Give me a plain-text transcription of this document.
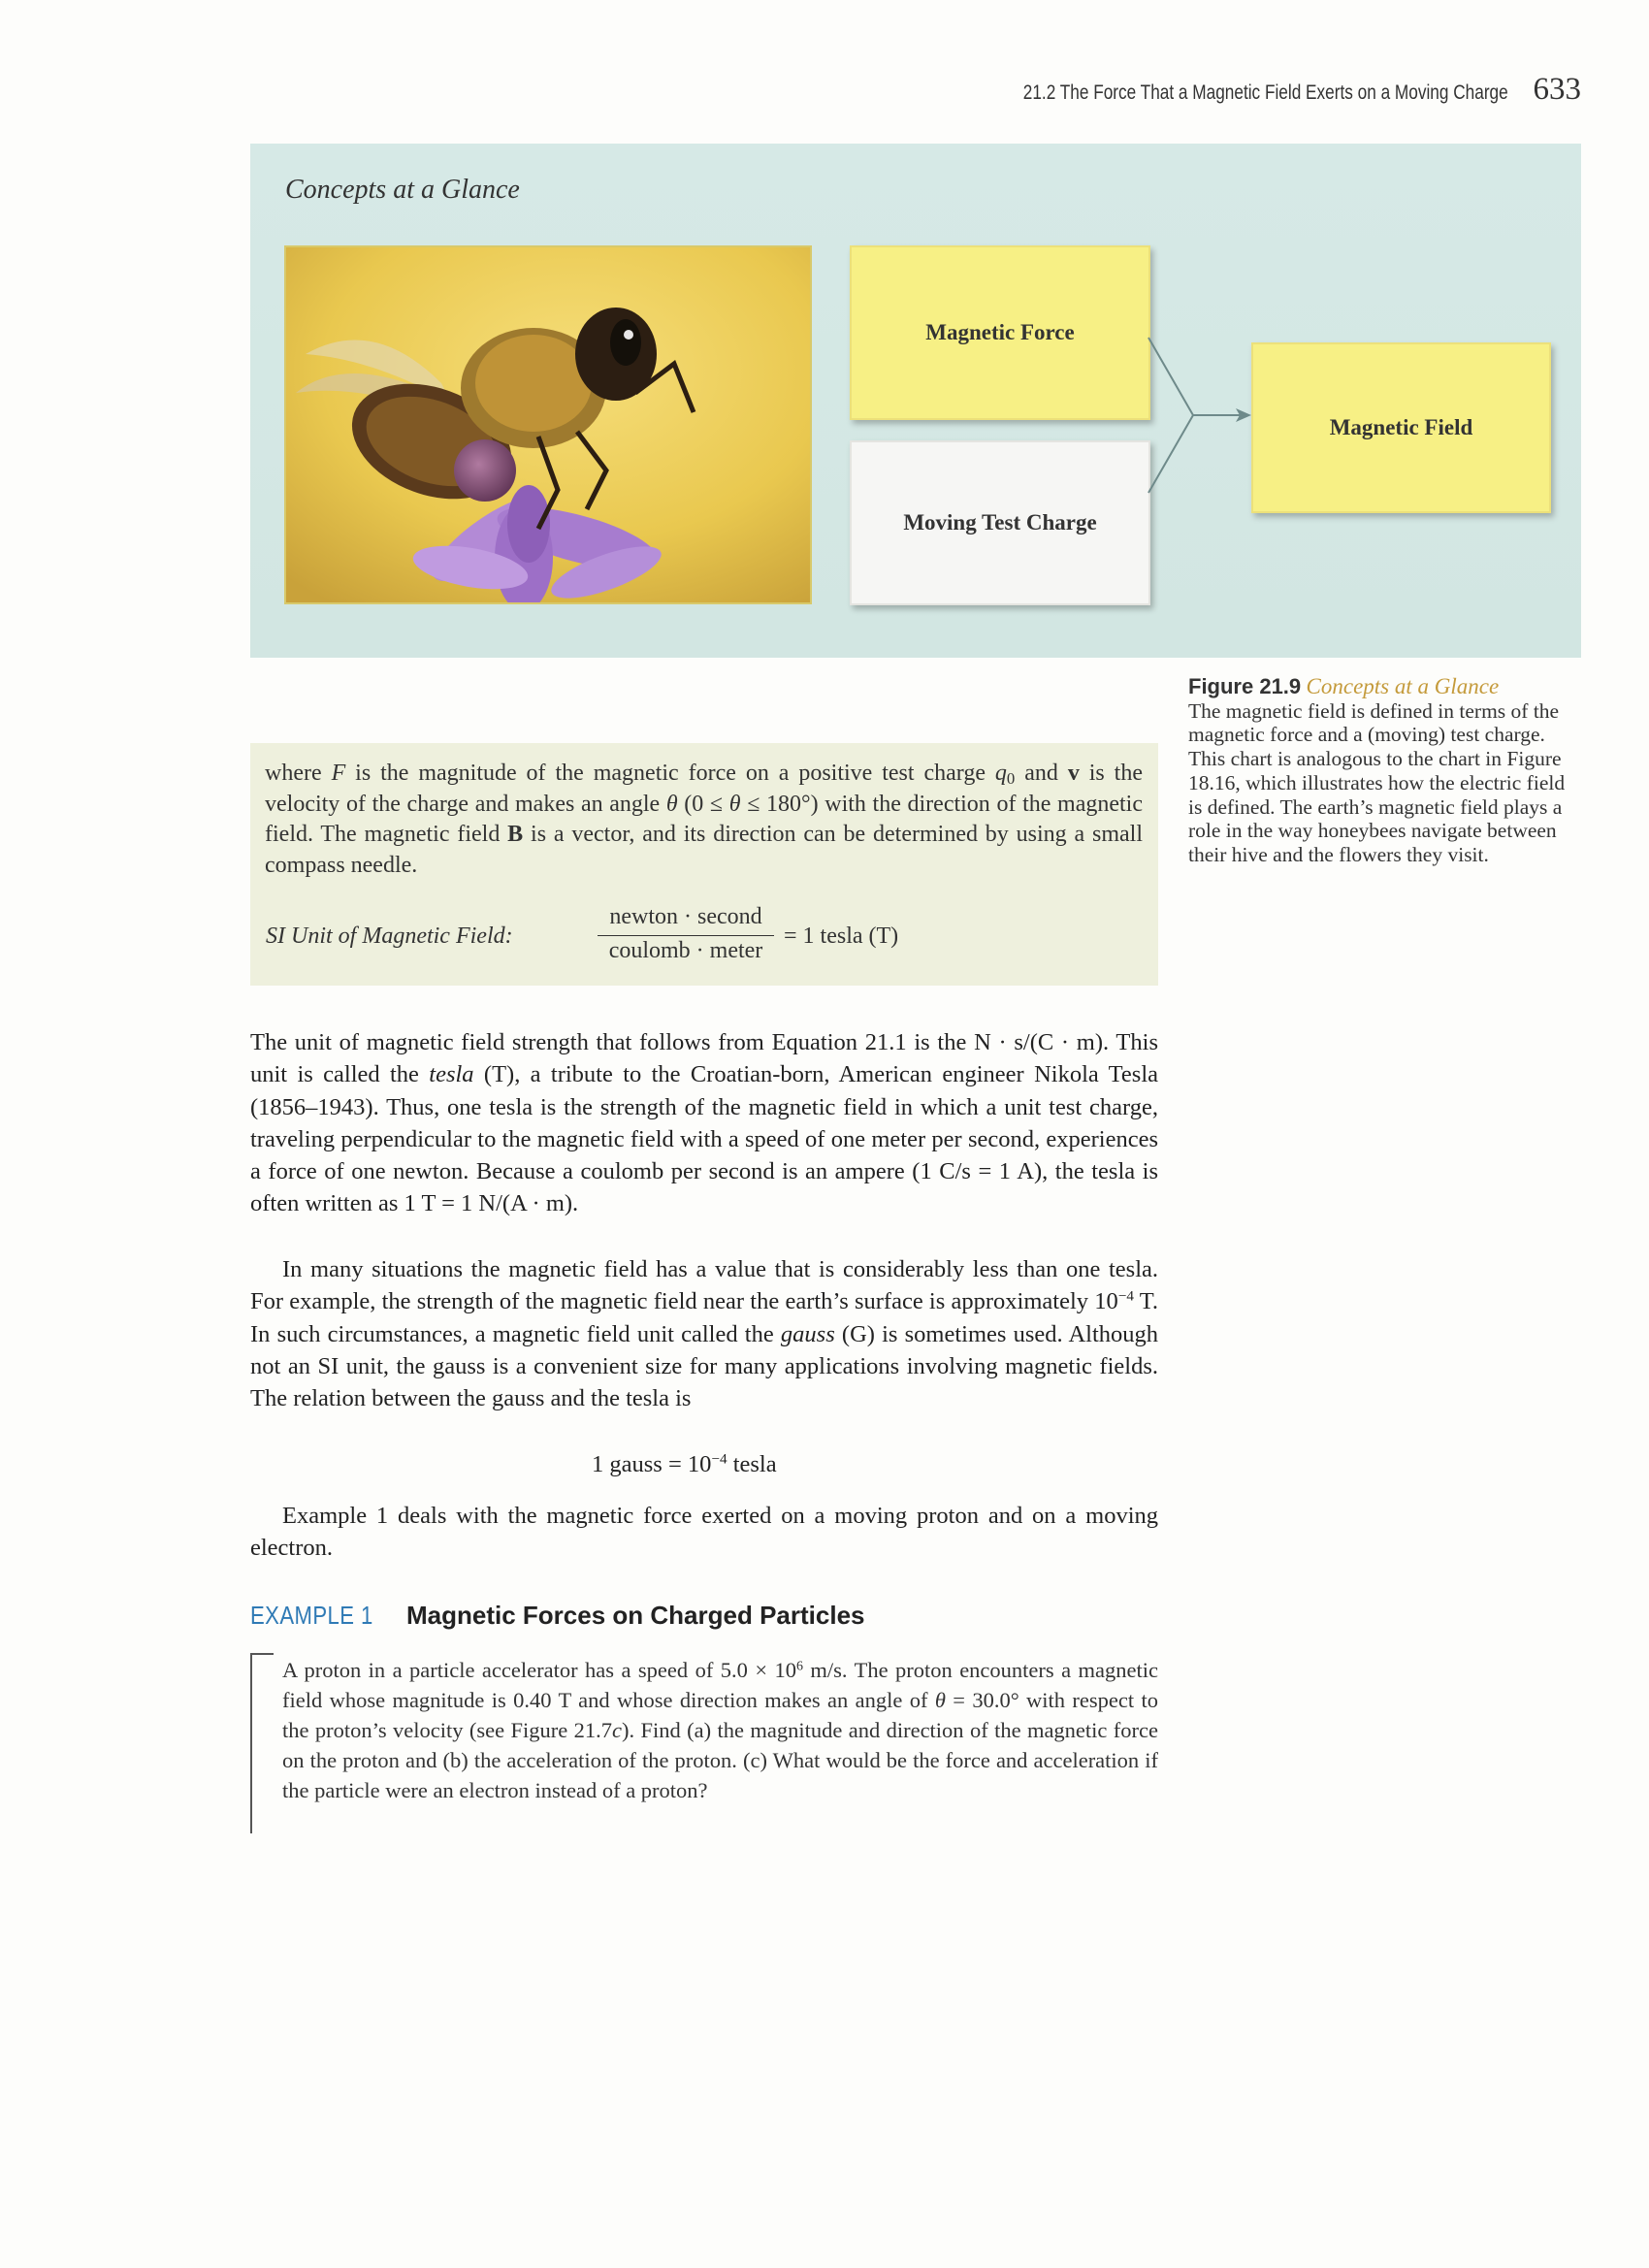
21.2 The Force That a Magnetic Field Exerts on a Moving Charge 633
Concepts at a Glance
Magnetic Force
Moving Test Charge
Magnetic Field
Figure 21.9 Concepts at a Glance
The magnetic field is defined in terms of the magnetic force and a (moving) test charge. This chart is analogous to the chart in Figure 18.16, which illustrates how the electric field is defined. The earth’s magnetic field plays a role in the way honeybees navigate between their hive and the flowers they visit.
where F is the magnitude of the magnetic force on a positive test charge $q_0$ and v is the velocity of the charge and makes an angle θ (0 ≤ θ ≤ 180°) with the direction of the magnetic field. The magnetic field B is a vector, and its direction can be determined by using a small compass needle.
SI Unit of Magnetic Field:
newton · second
coulomb · meter
= 1 tesla (T)

The unit of magnetic field strength that follows from Equation 21.1 is the N · s/(C · m). This unit is called the tesla (T), a tribute to the Croatian-born, American engineer Nikola Tesla (1856–1943). Thus, one tesla is the strength of the magnetic field in which a unit test charge, traveling perpendicular to the magnetic field with a speed of one meter per second, experiences a force of one newton. Because a coulomb per second is an ampere (1 C/s = 1 A), the tesla is often written as 1 T = 1 N/(A · m).

In many situations the magnetic field has a value that is considerably less than one tesla. For example, the strength of the magnetic field near the earth’s surface is approximately $10^{-4}$ T. In such circumstances, a magnetic field unit called the gauss (G) is sometimes used. Although not an SI unit, the gauss is a convenient size for many applications involving magnetic fields. The relation between the gauss and the tesla is

1 gauss = $10^{-4}$ tesla
Example 1 deals with the magnetic force exerted on a moving proton and on a moving electron.
EXAMPLE 1 Magnetic Forces on Charged Particles
A proton in a particle accelerator has a speed of $5.0 \times 10^6$ m/s. The proton encounters a magnetic field whose magnitude is 0.40 T and whose direction makes an angle of θ = 30.0° with respect to the proton’s velocity (see Figure 21.7c). Find (a) the magnitude and direction of the magnetic force on the proton and (b) the acceleration of the proton. (c) What would be the force and acceleration if the particle were an electron instead of a proton?
